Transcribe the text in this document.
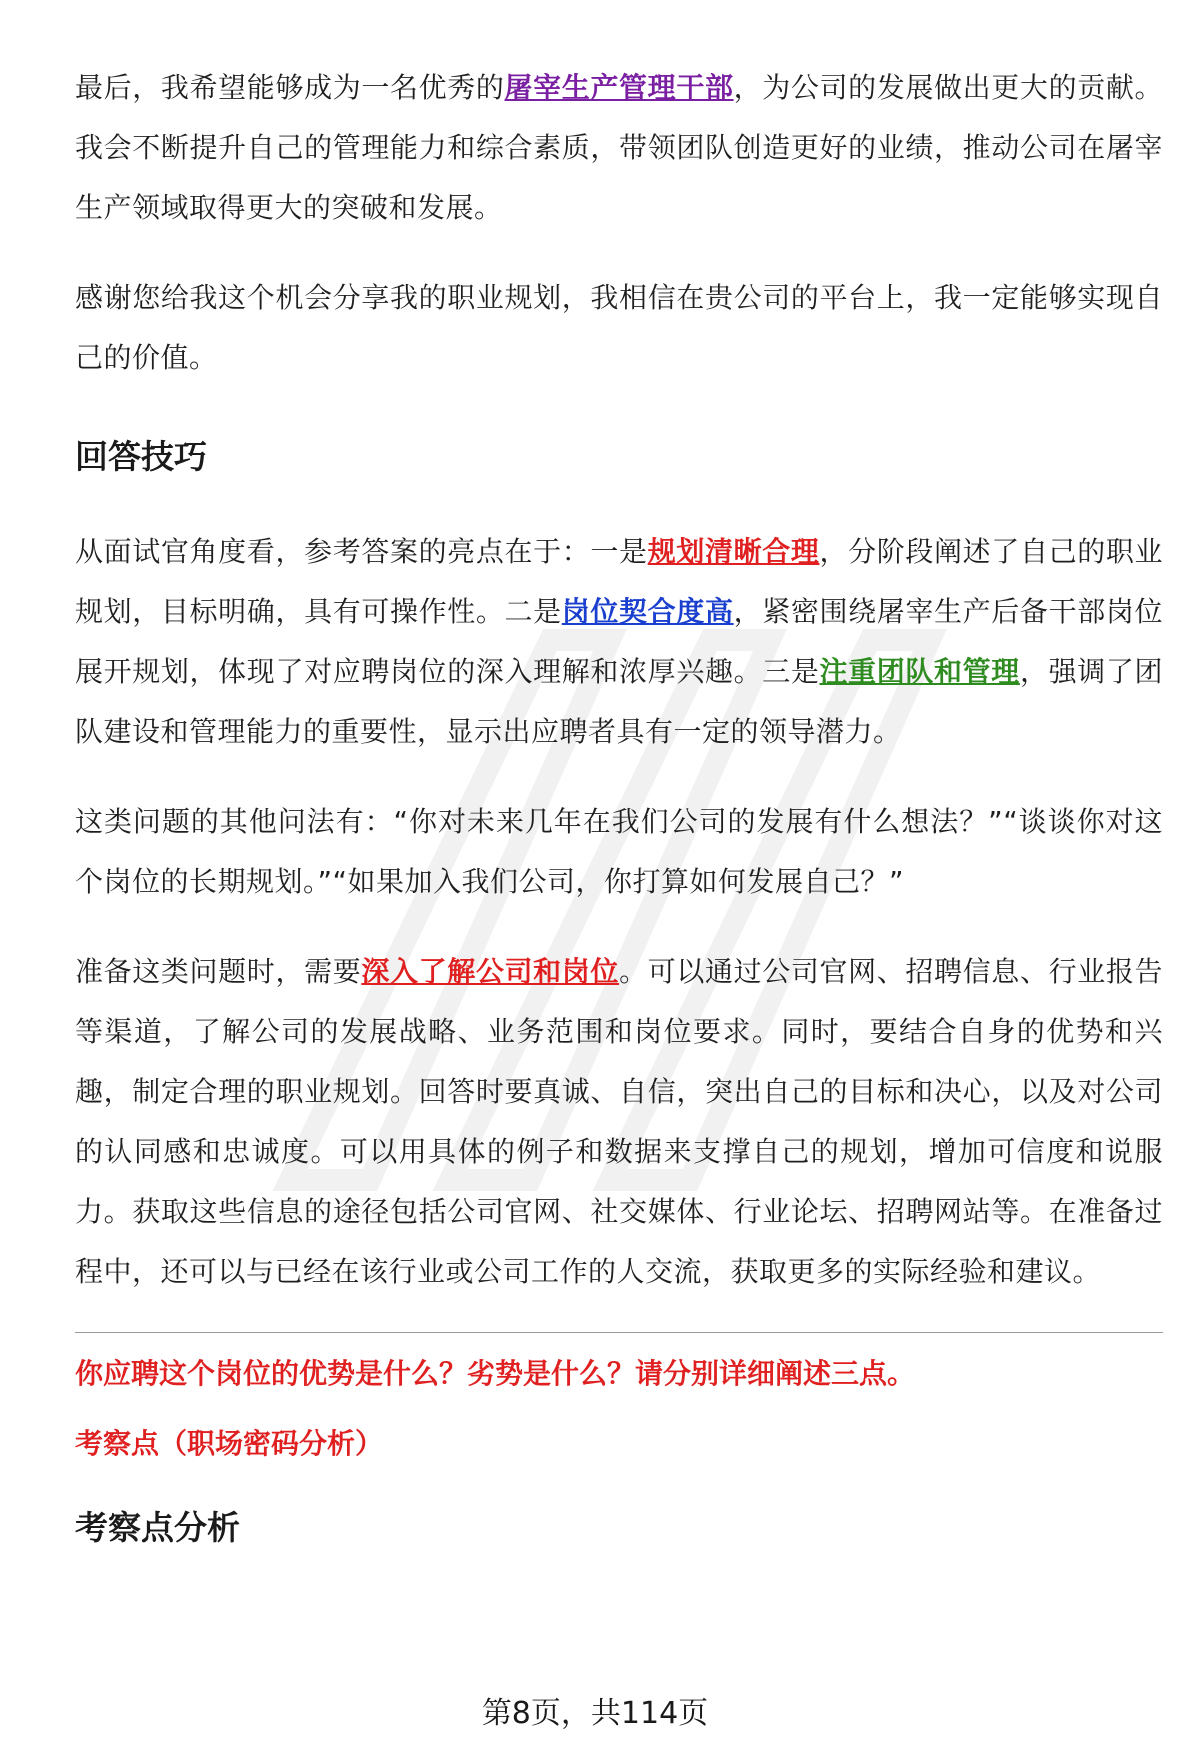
最后，我希望能够成为一名优秀的屠宰生产管理干部，为公司的发展做出更大的贡献。我会不断提升自己的管理能力和综合素质，带领团队创造更好的业绩，推动公司在屠宰生产领域取得更大的突破和发展。

感谢您给我这个机会分享我的职业规划，我相信在贵公司的平台上，我一定能够实现自己的价值。

回答技巧

从面试官角度看，参考答案的亮点在于：一是规划清晰合理，分阶段阐述了自己的职业规划，目标明确，具有可操作性。二是岗位契合度高，紧密围绕屠宰生产后备干部岗位展开规划，体现了对应聘岗位的深入理解和浓厚兴趣。三是注重团队和管理，强调了团队建设和管理能力的重要性，显示出应聘者具有一定的领导潜力。

这类问题的其他问法有：“你对未来几年在我们公司的发展有什么想法？”“谈谈你对这个岗位的长期规划。”“如果加入我们公司，你打算如何发展自己？”

准备这类问题时，需要深入了解公司和岗位。可以通过公司官网、招聘信息、行业报告等渠道，了解公司的发展战略、业务范围和岗位要求。同时，要结合自身的优势和兴趣，制定合理的职业规划。回答时要真诚、自信，突出自己的目标和决心，以及对公司的认同感和忠诚度。可以用具体的例子和数据来支撑自己的规划，增加可信度和说服力。获取这些信息的途径包括公司官网、社交媒体、行业论坛、招聘网站等。在准备过程中，还可以与已经在该行业或公司工作的人交流，获取更多的实际经验和建议。

你应聘这个岗位的优势是什么？劣势是什么？请分别详细阐述三点。
考察点（职场密码分析）
考察点分析
第8页，共114页
